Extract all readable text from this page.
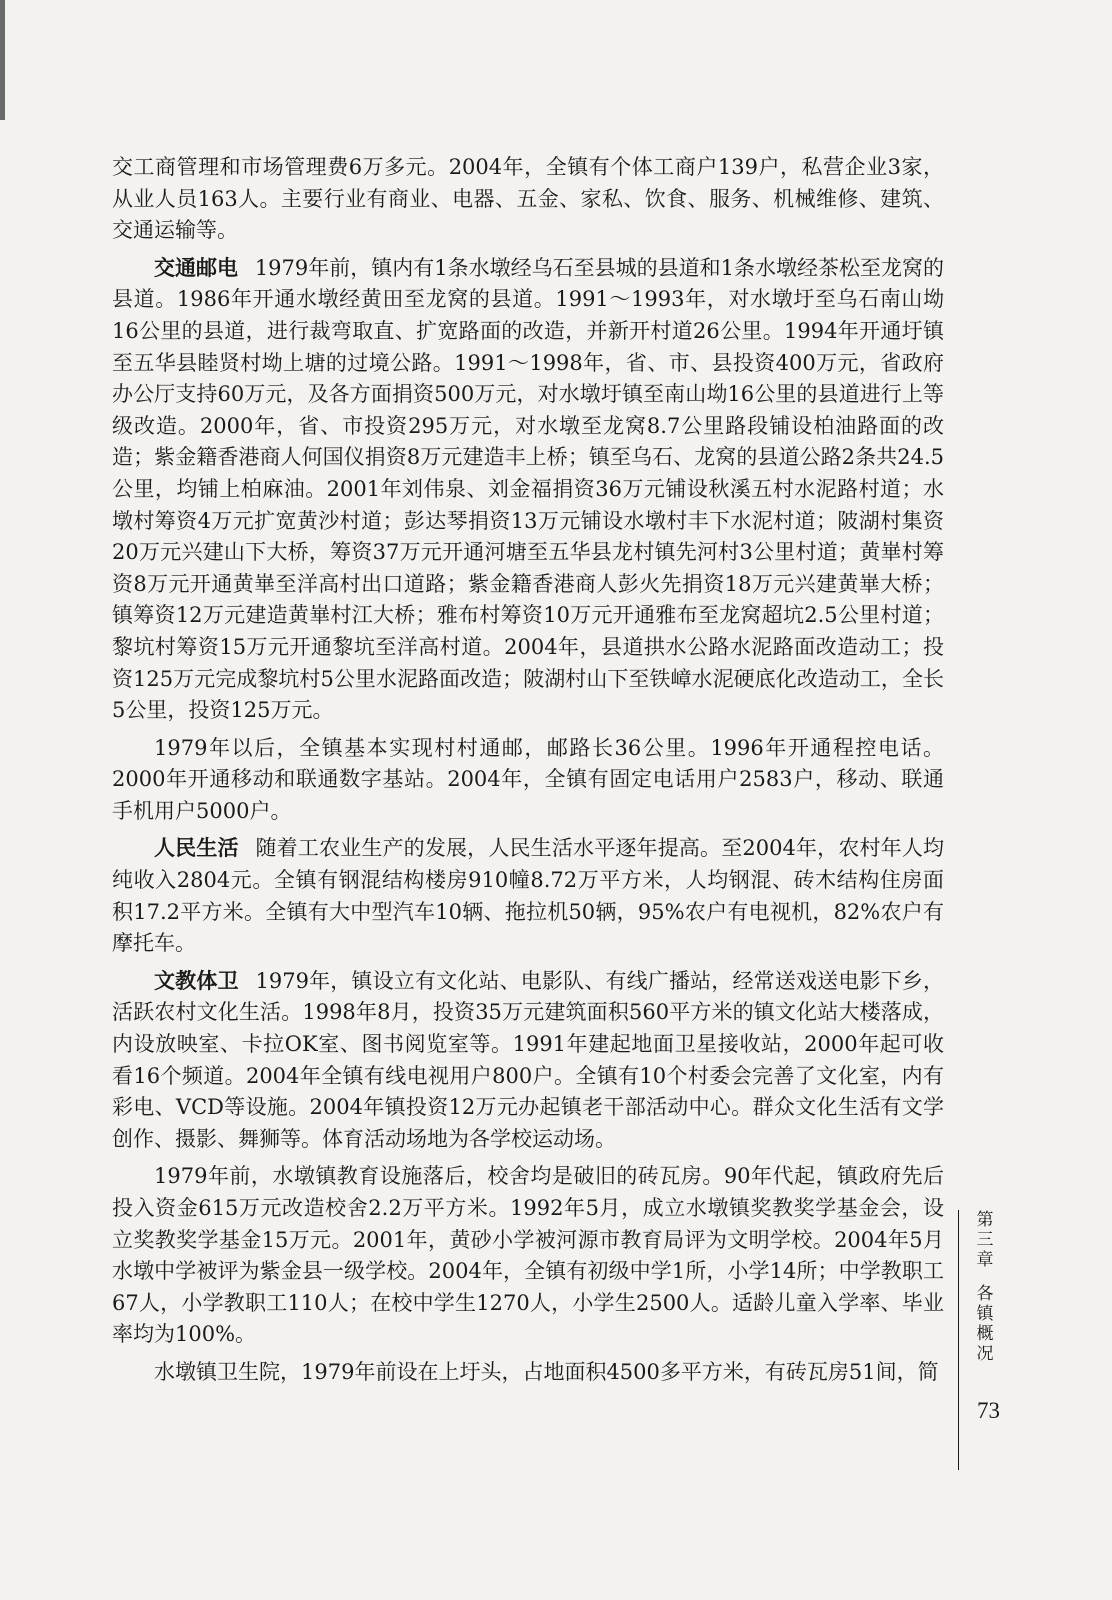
交工商管理和市场管理费6万多元。2004年，全镇有个体工商户139户，私营企业3家，从业人员163人。主要行业有商业、电器、五金、家私、饮食、服务、机械维修、建筑、交通运输等。

交通邮电 1979年前，镇内有1条水墩经乌石至县城的县道和1条水墩经茶松至龙窝的县道。1986年开通水墩经黄田至龙窝的县道。1991～1993年，对水墩圩至乌石南山坳16公里的县道，进行裁弯取直、扩宽路面的改造，并新开村道26公里。1994年开通圩镇至五华县睦贤村坳上塘的过境公路。1991～1998年，省、市、县投资400万元，省政府办公厅支持60万元，及各方面捐资500万元，对水墩圩镇至南山坳16公里的县道进行上等级改造。2000年，省、市投资295万元，对水墩至龙窝8.7公里路段铺设柏油路面的改造；紫金籍香港商人何国仪捐资8万元建造丰上桥；镇至乌石、龙窝的县道公路2条共24.5公里，均铺上柏麻油。2001年刘伟泉、刘金福捐资36万元铺设秋溪五村水泥路村道；水墩村筹资4万元扩宽黄沙村道；彭达琴捐资13万元铺设水墩村丰下水泥村道；陂湖村集资20万元兴建山下大桥，筹资37万元开通河塘至五华县龙村镇先河村3公里村道；黄崋村筹资8万元开通黄崋至洋高村出口道路；紫金籍香港商人彭火先捐资18万元兴建黄崋大桥；镇筹资12万元建造黄崋村江大桥；雅布村筹资10万元开通雅布至龙窝超坑2.5公里村道；黎坑村筹资15万元开通黎坑至洋高村道。2004年，县道拱水公路水泥路面改造动工；投资125万元完成黎坑村5公里水泥路面改造；陂湖村山下至铁嶂水泥硬底化改造动工，全长5公里，投资125万元。

1979年以后，全镇基本实现村村通邮，邮路长36公里。1996年开通程控电话。2000年开通移动和联通数字基站。2004年，全镇有固定电话用户2583户，移动、联通手机用户5000户。

人民生活 随着工农业生产的发展，人民生活水平逐年提高。至2004年，农村年人均纯收入2804元。全镇有钢混结构楼房910幢8.72万平方米，人均钢混、砖木结构住房面积17.2平方米。全镇有大中型汽车10辆、拖拉机50辆，95%农户有电视机，82%农户有摩托车。

文教体卫 1979年，镇设立有文化站、电影队、有线广播站，经常送戏送电影下乡，活跃农村文化生活。1998年8月，投资35万元建筑面积560平方米的镇文化站大楼落成，内设放映室、卡拉OK室、图书阅览室等。1991年建起地面卫星接收站，2000年起可收看16个频道。2004年全镇有线电视用户800户。全镇有10个村委会完善了文化室，内有彩电、VCD等设施。2004年镇投资12万元办起镇老干部活动中心。群众文化生活有文学创作、摄影、舞狮等。体育活动场地为各学校运动场。

1979年前，水墩镇教育设施落后，校舍均是破旧的砖瓦房。90年代起，镇政府先后投入资金615万元改造校舍2.2万平方米。1992年5月，成立水墩镇奖教奖学基金会，设立奖教奖学基金15万元。2001年，黄砂小学被河源市教育局评为文明学校。2004年5月水墩中学被评为紫金县一级学校。2004年，全镇有初级中学1所，小学14所；中学教职工67人，小学教职工110人；在校中学生1270人，小学生2500人。适龄儿童入学率、毕业率均为100%。

水墩镇卫生院，1979年前设在上圩头，占地面积4500多平方米，有砖瓦房51间，简

第
三
章
各
镇
概
况
73
